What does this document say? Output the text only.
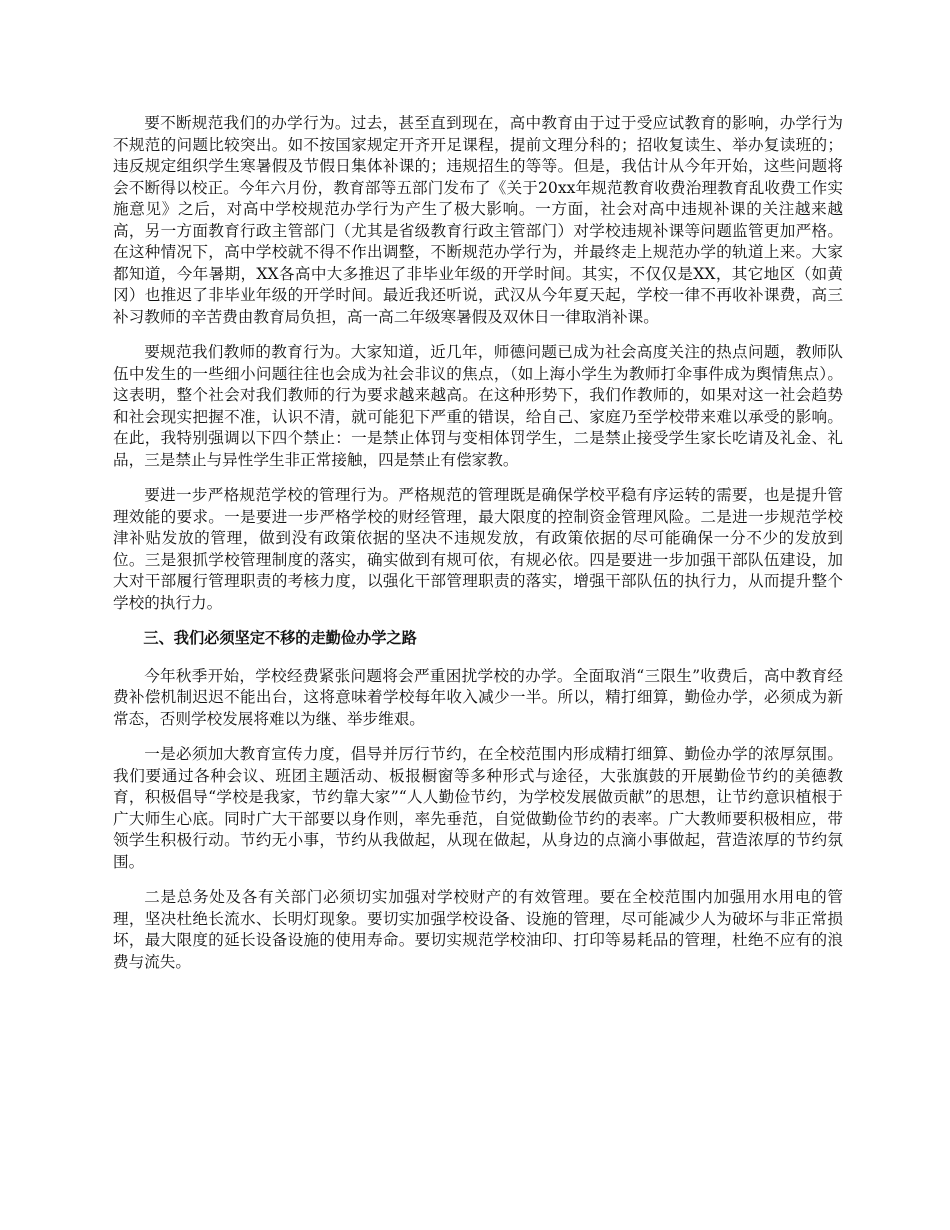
要不断规范我们的办学行为。过去，甚至直到现在，高中教育由于过于受应试教育的影响，办学行为不规范的问题比较突出。如不按国家规定开齐开足课程，提前文理分科的；招收复读生、举办复读班的；违反规定组织学生寒暑假及节假日集体补课的；违规招生的等等。但是，我估计从今年开始，这些问题将会不断得以校正。今年六月份，教育部等五部门发布了《关于20xx年规范教育收费治理教育乱收费工作实施意见》之后，对高中学校规范办学行为产生了极大影响。一方面，社会对高中违规补课的关注越来越高，另一方面教育行政主管部门（尤其是省级教育行政主管部门）对学校违规补课等问题监管更加严格。在这种情况下，高中学校就不得不作出调整，不断规范办学行为，并最终走上规范办学的轨道上来。大家都知道，今年暑期，XX各高中大多推迟了非毕业年级的开学时间。其实，不仅仅是XX，其它地区（如黄冈）也推迟了非毕业年级的开学时间。最近我还听说，武汉从今年夏天起，学校一律不再收补课费，高三补习教师的辛苦费由教育局负担，高一高二年级寒暑假及双休日一律取消补课。

要规范我们教师的教育行为。大家知道，近几年，师德问题已成为社会高度关注的热点问题，教师队伍中发生的一些细小问题往往也会成为社会非议的焦点，（如上海小学生为教师打伞事件成为舆情焦点）。这表明，整个社会对我们教师的行为要求越来越高。在这种形势下，我们作教师的，如果对这一社会趋势和社会现实把握不准，认识不清，就可能犯下严重的错误，给自己、家庭乃至学校带来难以承受的影响。在此，我特别强调以下四个禁止：一是禁止体罚与变相体罚学生，二是禁止接受学生家长吃请及礼金、礼品，三是禁止与异性学生非正常接触，四是禁止有偿家教。

要进一步严格规范学校的管理行为。严格规范的管理既是确保学校平稳有序运转的需要，也是提升管理效能的要求。一是要进一步严格学校的财经管理，最大限度的控制资金管理风险。二是进一步规范学校津补贴发放的管理，做到没有政策依据的坚决不违规发放，有政策依据的尽可能确保一分不少的发放到位。三是狠抓学校管理制度的落实，确实做到有规可依，有规必依。四是要进一步加强干部队伍建设，加大对干部履行管理职责的考核力度，以强化干部管理职责的落实，增强干部队伍的执行力，从而提升整个学校的执行力。

三、我们必须坚定不移的走勤俭办学之路

今年秋季开始，学校经费紧张问题将会严重困扰学校的办学。全面取消“三限生”收费后，高中教育经费补偿机制迟迟不能出台，这将意味着学校每年收入减少一半。所以，精打细算，勤俭办学，必须成为新常态，否则学校发展将难以为继、举步维艰。

一是必须加大教育宣传力度，倡导并厉行节约，在全校范围内形成精打细算、勤俭办学的浓厚氛围。我们要通过各种会议、班团主题活动、板报橱窗等多种形式与途径，大张旗鼓的开展勤俭节约的美德教育，积极倡导“学校是我家，节约靠大家”“人人勤俭节约，为学校发展做贡献”的思想，让节约意识植根于广大师生心底。同时广大干部要以身作则，率先垂范，自觉做勤俭节约的表率。广大教师要积极相应，带领学生积极行动。节约无小事，节约从我做起，从现在做起，从身边的点滴小事做起，营造浓厚的节约氛围。

二是总务处及各有关部门必须切实加强对学校财产的有效管理。要在全校范围内加强用水用电的管理，坚决杜绝长流水、长明灯现象。要切实加强学校设备、设施的管理，尽可能减少人为破坏与非正常损坏，最大限度的延长设备设施的使用寿命。要切实规范学校油印、打印等易耗品的管理，杜绝不应有的浪费与流失。
